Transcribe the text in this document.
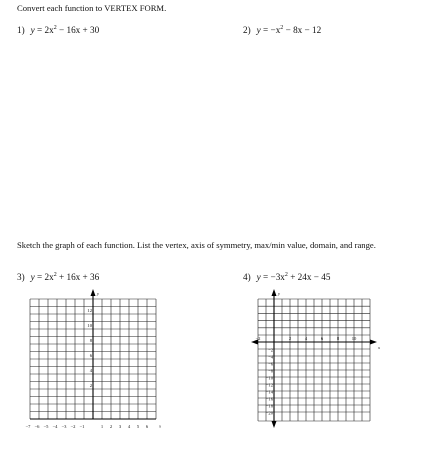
Convert each function to VERTEX FORM.
1) $y = 2x^2 - 16x + 30$	2) $y = -x^2 - 8x - 12$
Sketch the graph of each function. List the vertex, axis of symmetry, max/min value, domain, and range.
3) $y = 2x^2 + 16x + 36$	4) $y = -3x^2 + 24x - 45$
y
x
−7 −6 −5 −4 −3 −2 −1	1 2 3 4 5 6
12
10
8
6
4
2
y
x
−2	2	4	6	8	10
−2
−4
−6
−8
−10
−12
−14
−16
−18
−20
